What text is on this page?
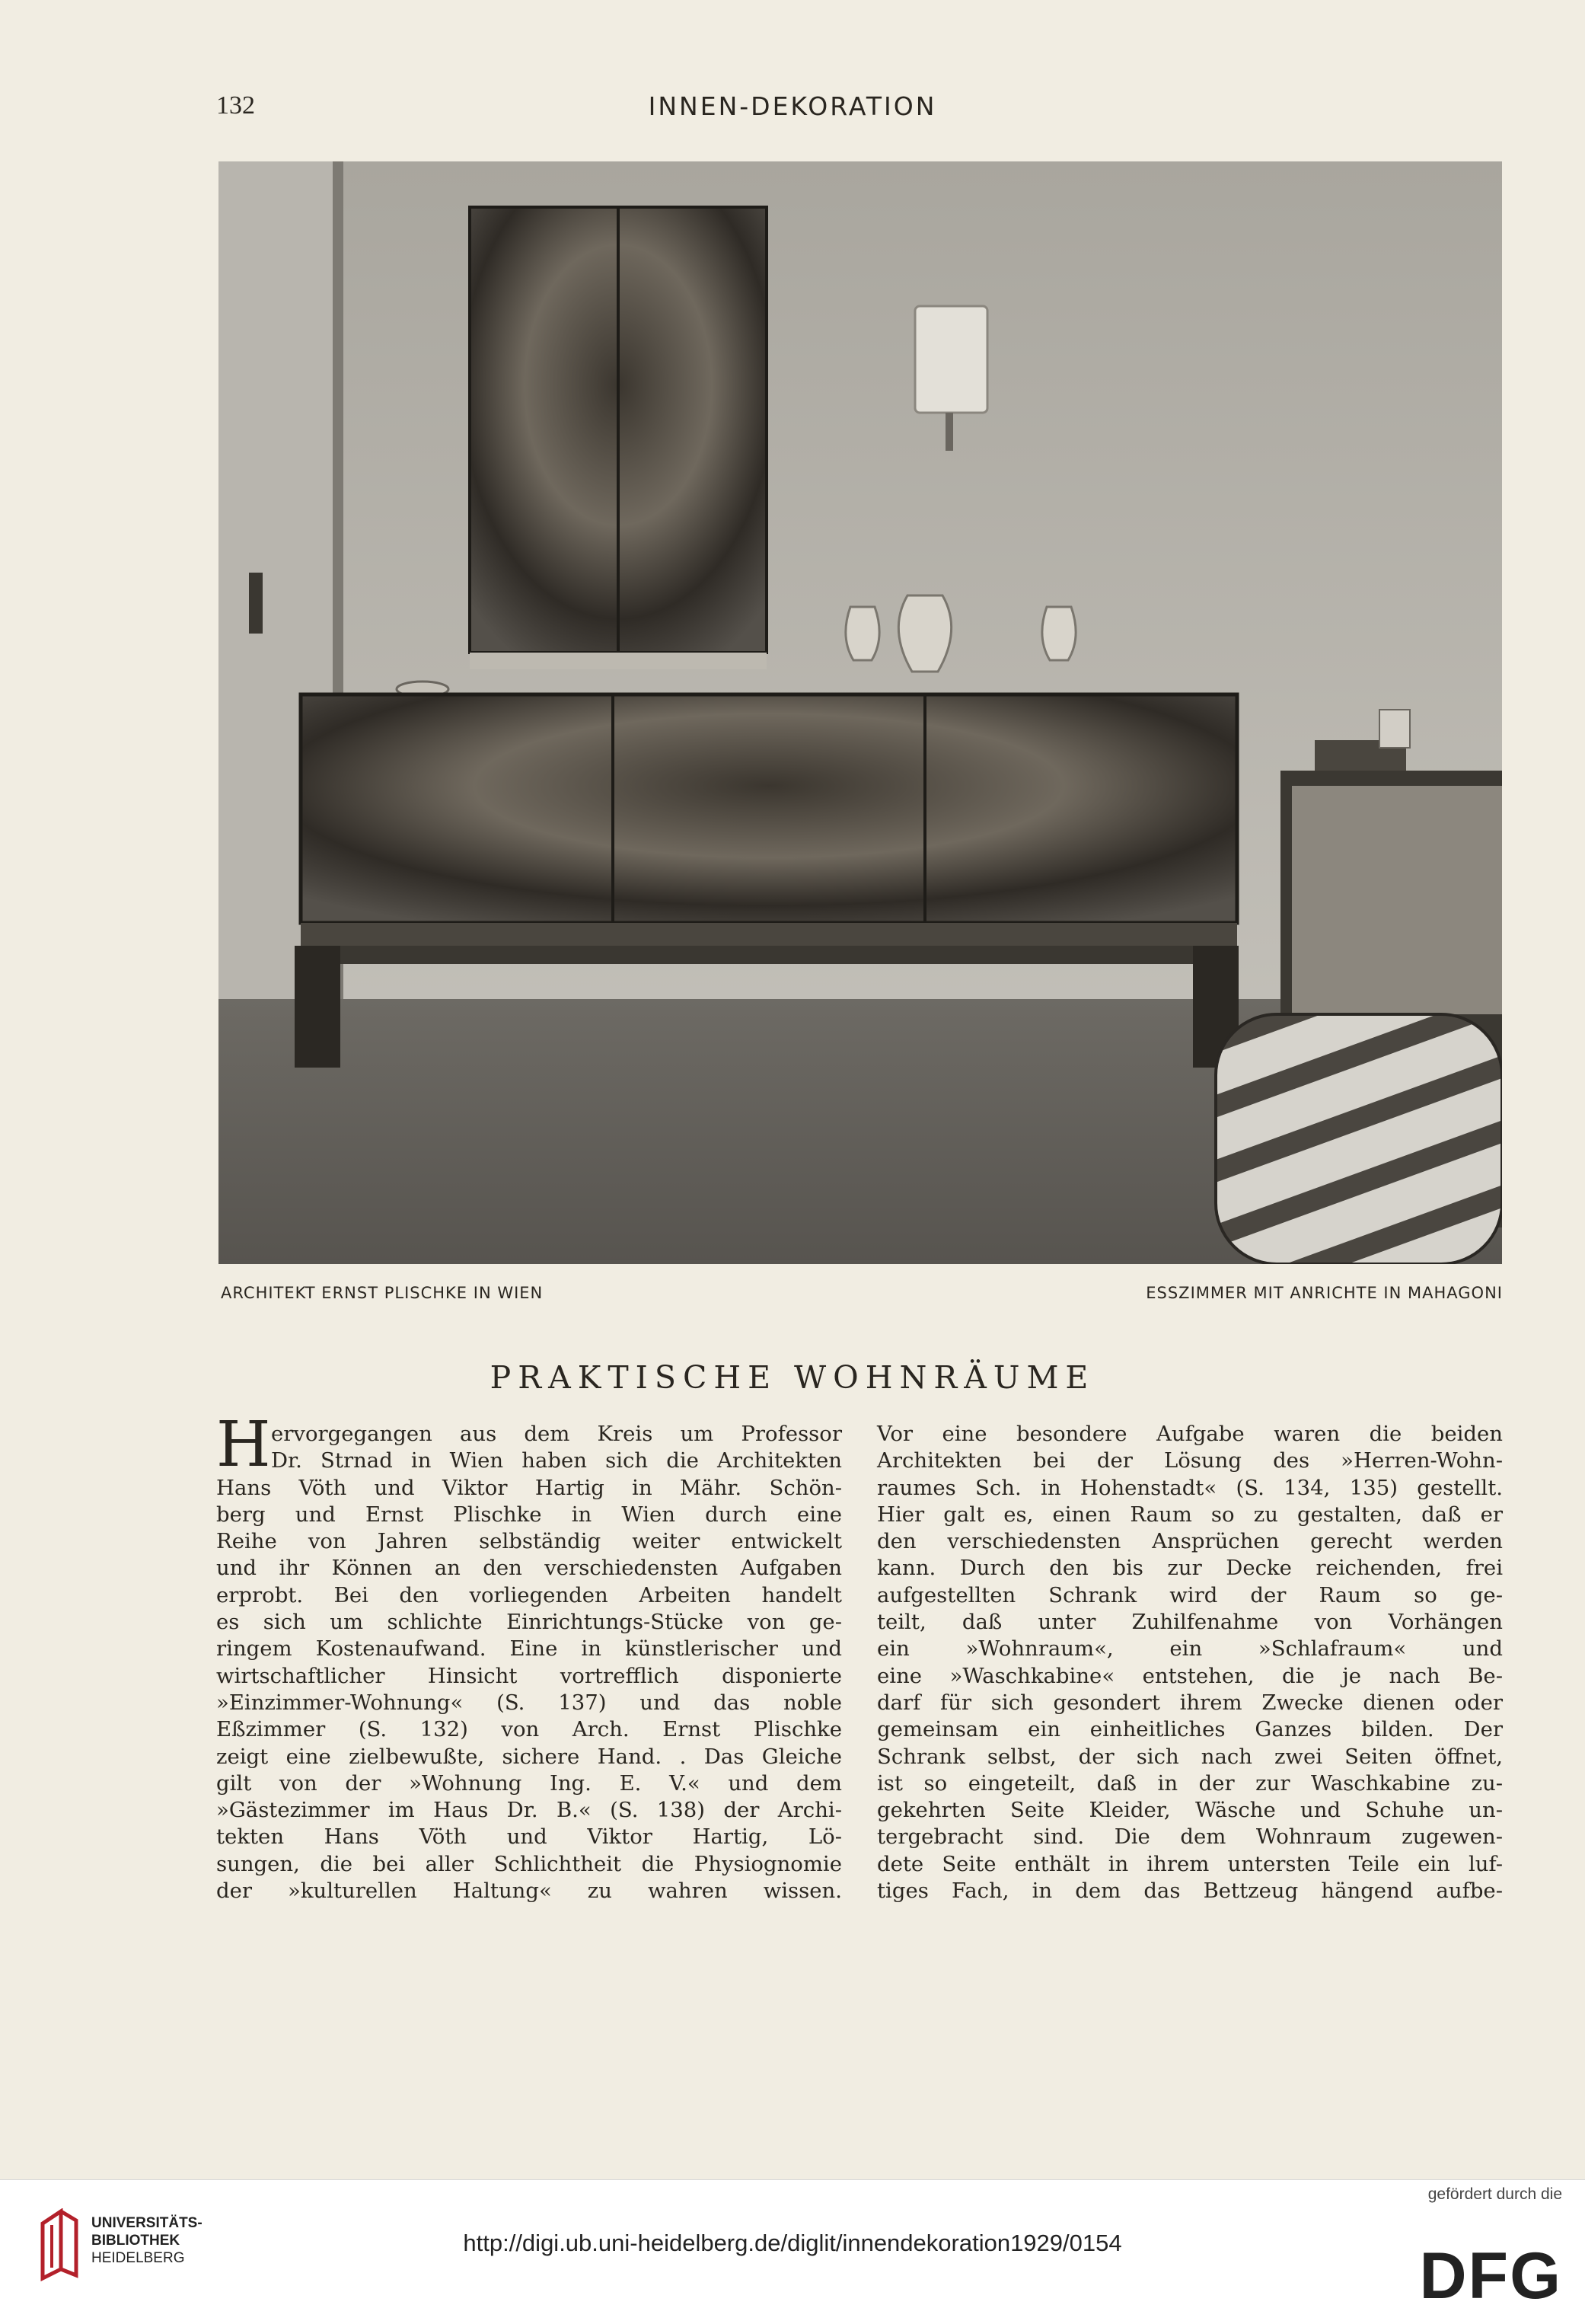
132	INNEN-DEKORATION
ARCHITEKT ERNST PLISCHKE IN WIEN	ESSZIMMER MIT ANRICHTE IN MAHAGONI
PRAKTISCHE WOHNRÄUME
H ervorgegangen aus dem Kreis um Professor
Dr. Strnad in Wien haben sich die Architekten
Hans Vöth und Viktor Hartig in Mähr. Schön-
berg und Ernst Plischke in Wien durch eine
Reihe von Jahren selbständig weiter entwickelt
und ihr Können an den verschiedensten Aufgaben
erprobt. Bei den vorliegenden Arbeiten handelt
es sich um schlichte Einrichtungs-Stücke von ge-
ringem Kostenaufwand. Eine in künstlerischer und
wirtschaftlicher Hinsicht vortrefflich disponierte
»Einzimmer-Wohnung« (S. 137) und das noble
Eßzimmer (S. 132) von Arch. Ernst Plischke
zeigt eine zielbewußte, sichere Hand. . Das Gleiche
gilt von der »Wohnung Ing. E. V.« und dem
»Gästezimmer im Haus Dr. B.« (S. 138) der Archi-
tekten Hans Vöth und Viktor Hartig, Lö-
sungen, die bei aller Schlichtheit die Physiognomie
der »kulturellen Haltung« zu wahren wissen.
Vor eine besondere Aufgabe waren die beiden
Architekten bei der Lösung des »Herren-Wohn-
raumes Sch. in Hohenstadt« (S. 134, 135) gestellt.
Hier galt es, einen Raum so zu gestalten, daß er
den verschiedensten Ansprüchen gerecht werden
kann. Durch den bis zur Decke reichenden, frei
aufgestellten Schrank wird der Raum so ge-
teilt, daß unter Zuhilfenahme von Vorhängen
ein »Wohnraum«, ein »Schlafraum« und
eine »Waschkabine« entstehen, die je nach Be-
darf für sich gesondert ihrem Zwecke dienen oder
gemeinsam ein einheitliches Ganzes bilden. Der
Schrank selbst, der sich nach zwei Seiten öffnet,
ist so eingeteilt, daß in der zur Waschkabine zu-
gekehrten Seite Kleider, Wäsche und Schuhe un-
tergebracht sind. Die dem Wohnraum zugewen-
dete Seite enthält in ihrem untersten Teile ein luf-
tiges Fach, in dem das Bettzeug hängend aufbe-
UNIVERSITÄTS-
BIBLIOTHEK
HEIDELBERG
http://digi.ub.uni-heidelberg.de/diglit/innendekoration1929/0154
gefördert durch die
DFG
